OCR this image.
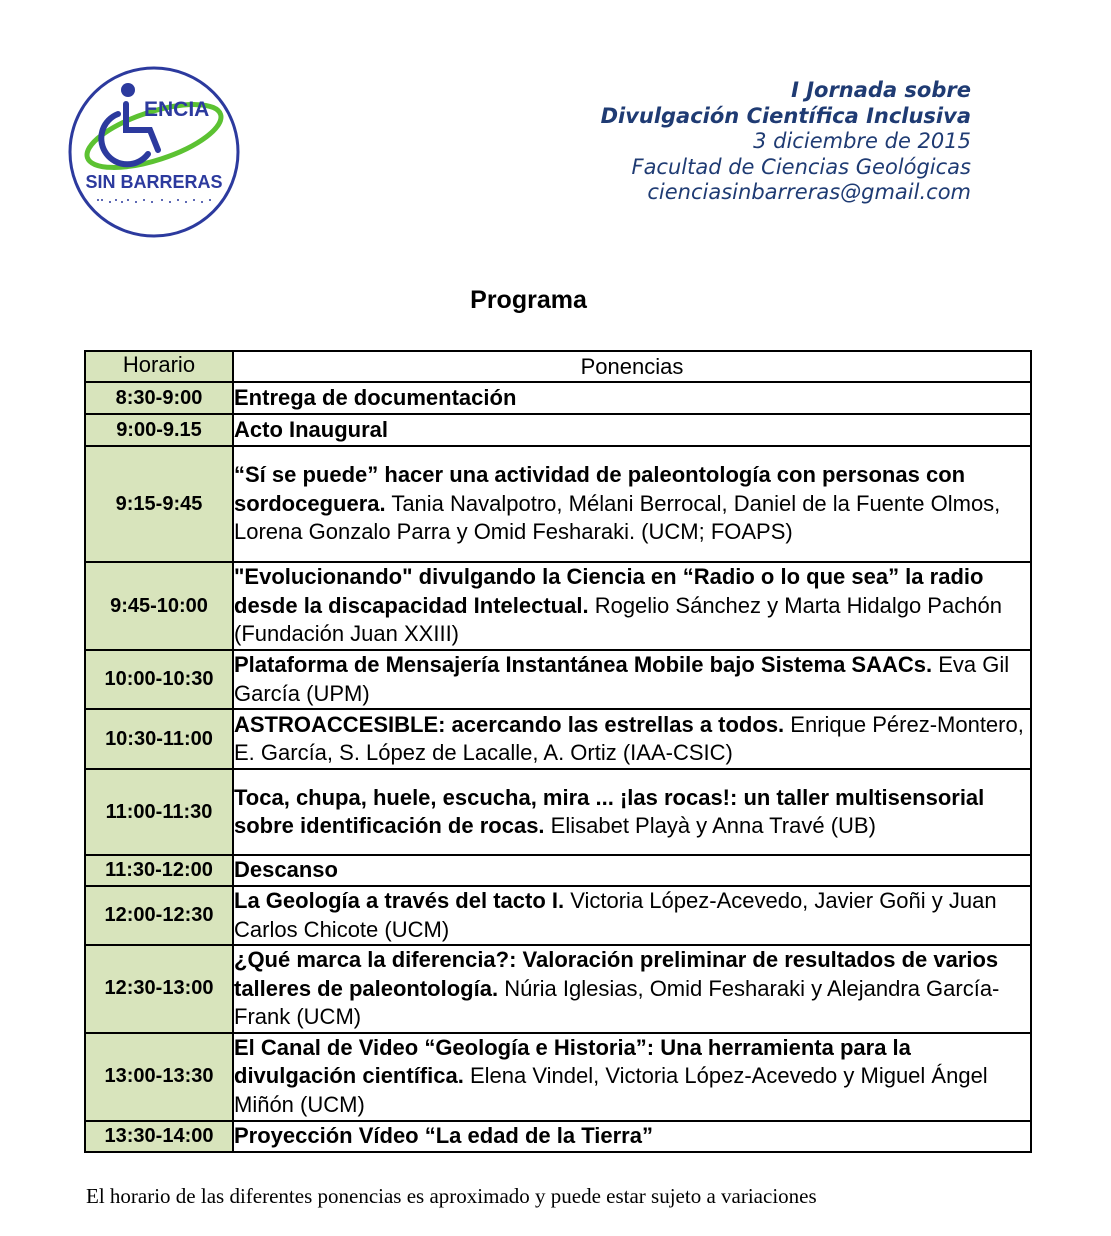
ENCIA
SIN BARRERAS
I Jornada sobre
Divulgación Científica Inclusiva
3 diciembre de 2015
Facultad de Ciencias Geológicas
cienciasinbarreras@gmail.com
Programa
Horario	Ponencias
8:30-9:00	Entrega de documentación
9:00-9.15	Acto Inaugural
9:15-9:45	“Sí se puede” hacer una actividad de paleontología con personas con sordoceguera. Tania Navalpotro, Mélani Berrocal, Daniel de la Fuente Olmos, Lorena Gonzalo Parra y Omid Fesharaki. (UCM; FOAPS)
9:45-10:00	"Evolucionando" divulgando la Ciencia en “Radio o lo que sea” la radio desde la discapacidad Intelectual. Rogelio Sánchez y Marta Hidalgo Pachón (Fundación Juan XXIII)
10:00-10:30	Plataforma de Mensajería Instantánea Mobile bajo Sistema SAACs. Eva Gil García (UPM)
10:30-11:00	ASTROACCESIBLE: acercando las estrellas a todos. Enrique Pérez-Montero, E. García, S. López de Lacalle, A. Ortiz (IAA-CSIC)
11:00-11:30	Toca, chupa, huele, escucha, mira ... ¡las rocas!: un taller multisensorial sobre identificación de rocas. Elisabet Playà y Anna Travé (UB)
11:30-12:00	Descanso
12:00-12:30	La Geología a través del tacto I. Victoria López-Acevedo, Javier Goñi y Juan Carlos Chicote (UCM)
12:30-13:00	¿Qué marca la diferencia?: Valoración preliminar de resultados de varios talleres de paleontología. Núria Iglesias, Omid Fesharaki y Alejandra García-Frank (UCM)
13:00-13:30	El Canal de Video “Geología e Historia”: Una herramienta para la divulgación científica. Elena Vindel, Victoria López-Acevedo y Miguel Ángel Miñón (UCM)
13:30-14:00	Proyección Vídeo “La edad de la Tierra”
El horario de las diferentes ponencias es aproximado y puede estar sujeto a variaciones
